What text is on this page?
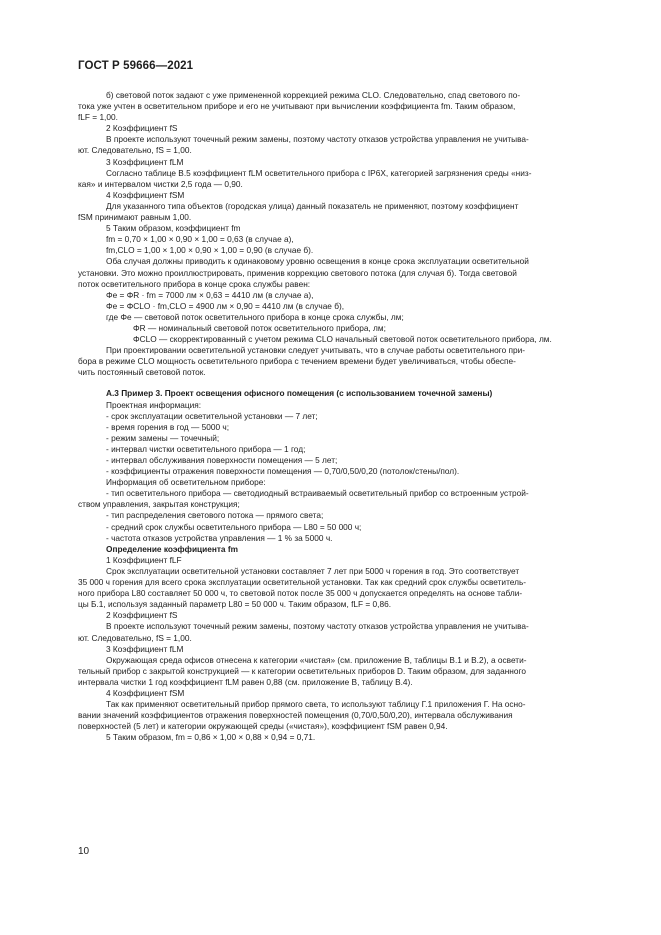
ГОСТ Р 59666—2021

б) световой поток задают с уже примененной коррекцией режима CLO. Следовательно, спад светового по-

тока уже учтен в осветительном приборе и его не учитывают при вычислении коэффициента fm. Таким образом,

fLF = 1,00.

2 Коэффициент fS

В проекте используют точечный режим замены, поэтому частоту отказов устройства управления не учитыва-

ют. Следовательно, fS = 1,00.

3 Коэффициент fLM

Согласно таблице В.5 коэффициент fLM осветительного прибора с IP6X, категорией загрязнения среды «низ-

кая» и интервалом чистки 2,5 года — 0,90.

4 Коэффициент fSM

Для указанного типа объектов (городская улица) данный показатель не применяют, поэтому коэффициент

fSM принимают равным 1,00.

5 Таким образом, коэффициент fm

fm = 0,70 × 1,00 × 0,90 × 1,00 = 0,63 (в случае а),

fm,CLO = 1,00 × 1,00 × 0,90 × 1,00 = 0,90 (в случае б).

Оба случая должны приводить к одинаковому уровню освещения в конце срока эксплуатации осветительной

установки. Это можно проиллюстрировать, применив коррекцию светового потока (для случая б). Тогда световой

поток осветительного прибора в конце срока службы равен:

Φe = ΦR · fm = 7000 лм × 0,63 = 4410 лм (в случае а),

Φe = ΦCLO · fm,CLO = 4900 лм × 0,90 = 4410 лм (в случае б),

где Φe — световой поток осветительного прибора в конце срока службы, лм;

ΦR — номинальный световой поток осветительного прибора, лм;

ΦCLO — скорректированный с учетом режима CLO начальный световой поток осветительного прибора, лм.

При проектировании осветительной установки следует учитывать, что в случае работы осветительного при-

бора в режиме CLO мощность осветительного прибора с течением времени будет увеличиваться, чтобы обеспе-

чить постоянный световой поток.

А.3 Пример 3. Проект освещения офисного помещения (с использованием точечной замены)

Проектная информация:

- срок эксплуатации осветительной установки — 7 лет;

- время горения в год — 5000 ч;

- режим замены — точечный;

- интервал чистки осветительного прибора — 1 год;

- интервал обслуживания поверхности помещения — 5 лет;

- коэффициенты отражения поверхности помещения — 0,70/0,50/0,20 (потолок/стены/пол).

Информация об осветительном приборе:

- тип осветительного прибора — светодиодный встраиваемый осветительный прибор со встроенным устрой-

ством управления, закрытая конструкция;

- тип распределения светового потока — прямого света;

- средний срок службы осветительного прибора — L80 = 50 000 ч;

- частота отказов устройства управления — 1 % за 5000 ч.

Определение коэффициента fm

1 Коэффициент fLF

Срок эксплуатации осветительной установки составляет 7 лет при 5000 ч горения в год. Это соответствует

35 000 ч горения для всего срока эксплуатации осветительной установки. Так как средний срок службы осветитель-

ного прибора L80 составляет 50 000 ч, то световой поток после 35 000 ч допускается определять на основе табли-

цы Б.1, используя заданный параметр L80 = 50 000 ч. Таким образом, fLF = 0,86.

2 Коэффициент fS

В проекте используют точечный режим замены, поэтому частоту отказов устройства управления не учитыва-

ют. Следовательно, fS = 1,00.

3 Коэффициент fLM

Окружающая среда офисов отнесена к категории «чистая» (см. приложение В, таблицы В.1 и В.2), а освети-

тельный прибор с закрытой конструкцией — к категории осветительных приборов D. Таким образом, для заданного

интервала чистки 1 год коэффициент fLM равен 0,88 (см. приложение В, таблицу В.4).

4 Коэффициент fSM

Так как применяют осветительный прибор прямого света, то используют таблицу Г.1 приложения Г. На осно-

вании значений коэффициентов отражения поверхностей помещения (0,70/0,50/0,20), интервала обслуживания

поверхностей (5 лет) и категории окружающей среды («чистая»), коэффициент fSM равен 0,94.

5 Таким образом, fm = 0,86 × 1,00 × 0,88 × 0,94 = 0,71.

10
